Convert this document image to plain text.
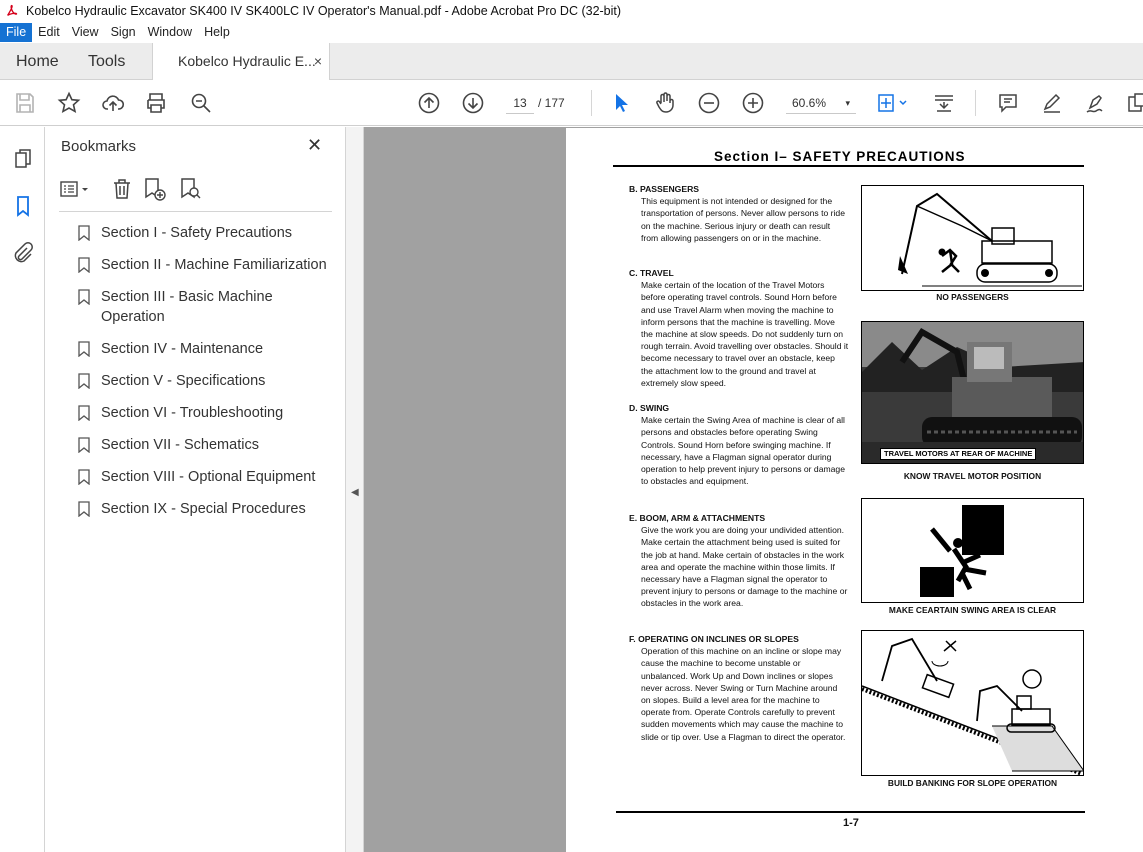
Kobelco Hydraulic Excavator SK400 IV SK400LC IV Operator's Manual.pdf - Adobe Acrobat Pro DC (32-bit)
File Edit View Sign Window Help
Home Tools	Kobelco Hydraulic E...
×
13 / 177	60.6% ▾
Bookmarks	✕
Section I - Safety Precautions
Section II - Machine Familiarization
Section III - Basic Machine Operation
Section IV - Maintenance
Section V - Specifications
Section VI - Troubleshooting
Section VII - Schematics
Section VIII - Optional Equipment
Section IX - Special Procedures
◀
Section I– SAFETY PRECAUTIONS
B. PASSENGERS
This equipment is not intended or designed for the transportation of persons. Never allow persons to ride on the machine. Serious injury or death can result from allowing passengers on or in the machine.
C. TRAVEL
Make certain of the location of the Travel Motors before operating travel controls. Sound Horn before and use Travel Alarm when moving the machine to inform persons that the machine is travelling. Move the machine at slow speeds. Do not suddenly turn on rough terrain. Avoid travelling over obstacles. Should it become necessary to travel over an obstacle, keep the attachment low to the ground and travel at extremely slow speed.
D. SWING
Make certain the Swing Area of machine is clear of all persons and obstacles before operating Swing Controls. Sound Horn before swinging machine. If necessary, have a Flagman signal operator during operation to help prevent injury to persons or damage to obstacles and equipment.
E. BOOM, ARM & ATTACHMENTS
Give the work you are doing your undivided attention. Make certain the attachment being used is suited for the job at hand. Make certain of obstacles in the work area and operate the machine within those limits. If necessary have a Flagman signal the operator to prevent injury to persons or damage to the machine or obstacles in the work area.
F. OPERATING ON INCLINES OR SLOPES
Operation of this machine on an incline or slope may cause the machine to become unstable or unbalanced. Work Up and Down inclines or slopes never across. Never Swing or Turn Machine around on slopes. Build a level area for the machine to operate from. Operate Controls carefully to prevent sudden movements which may cause the machine to slide or tip over. Use a Flagman to direct the operator.
NO PASSENGERS
TRAVEL MOTORS AT REAR OF MACHINE
KNOW TRAVEL MOTOR POSITION
MAKE CEARTAIN SWING AREA IS CLEAR
BUILD BANKING FOR SLOPE OPERATION
1-7
